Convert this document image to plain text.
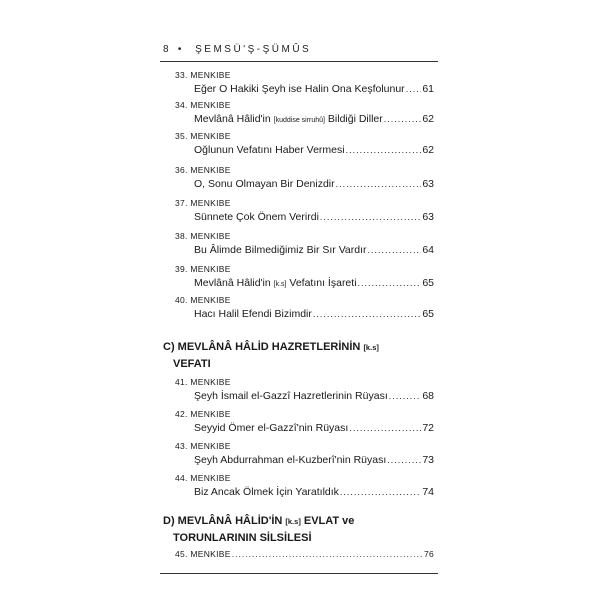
8 • ŞEMSÜ'Ş-ŞÜMÛS
33. MENKIBE
Eğer O Hakiki Şeyh ise Halin Ona Keşfolunur ..... 61
34. MENKIBE
Mevlânâ Hâlid'in [kuddise sirruhû] Bildiği Diller .....	62
35. MENKIBE
Oğlunun Vefatını Haber Vermesi .....	62
36. MENKIBE
O, Sonu Olmayan Bir Denizdir .....	63
37. MENKIBE
Sünnete Çok Önem Verirdi .....	63
38. MENKIBE
Bu Âlimde Bilmediğimiz Bir Sır Vardır .....	64
39. MENKIBE
Mevlânâ Hâlid'in [k.s] Vefatını İşareti .....	65
40. MENKIBE
Hacı Halil Efendi Bizimdir .....	65
C) MEVLÂNÂ HÂLİD HAZRETLERİNİN [k.s]
VEFATI
41. MENKIBE
Şeyh İsmail el-Gazzî Hazretlerinin Rüyası .....	68
42. MENKIBE
Seyyid Ömer el-Gazzî'nin Rüyası .....	72
43. MENKIBE
Şeyh Abdurrahman el-Kuzberî'nin Rüyası .....	73
44. MENKIBE
Biz Ancak Ölmek İçin Yaratıldık .....	74
D) MEVLÂNÂ HÂLİD'İN [k.s] EVLAT ve
TORUNLARININ SİLSİLESİ
45. MENKIBE .....	76
